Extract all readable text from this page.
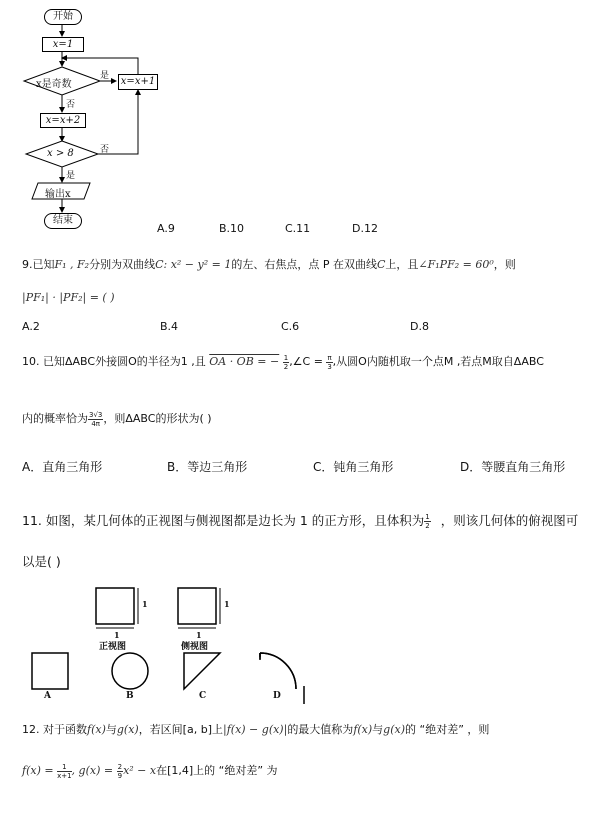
开始
x=1
x是奇数
是 x=x+1
否
x=x+2
x > 8	否
是
输出x
结束
A.9	B.10	C.11	D.12
9.已知F₁ , F₂分别为双曲线C: x² − y² = 1的左、右焦点，点 P 在双曲线C上，且∠F₁PF₂ = 60⁰，则
|PF₁| · |PF₂| = ( )
A.2	B.4	C.6	D.8
10. 已知ΔABC外接圆O的半径为1 ,且 OA · OB = − $\frac{1}{2}$ ,∠C = $\frac{\pi}{3}$ ,从圆O内随机取一个点M ,若点M取自ΔABC
内的概率恰为 $\frac{3√3}{4\pi}$ ，则ΔABC的形状为( )
A．直角三角形	B．等边三角形	C．钝角三角形	D．等腰直角三角形
11. 如图，某几何体的正视图与侧视图都是边长为 1 的正方形，且体积为 $\frac{1}{2}$ ，则该几何体的俯视图可
以是( )
1	1
1	1
正视图	侧视图
A	B	C	D
12. 对于函数f(x)与g(x)，若区间[a, b]上|f(x) − g(x)|的最大值称为f(x)与g(x)的 “绝对差” ，则
$f(x) = \frac{1}{x+1}$ , $g(x) = \frac{2}{9} x^2 - x$在[1,4]上的 “绝对差” 为
